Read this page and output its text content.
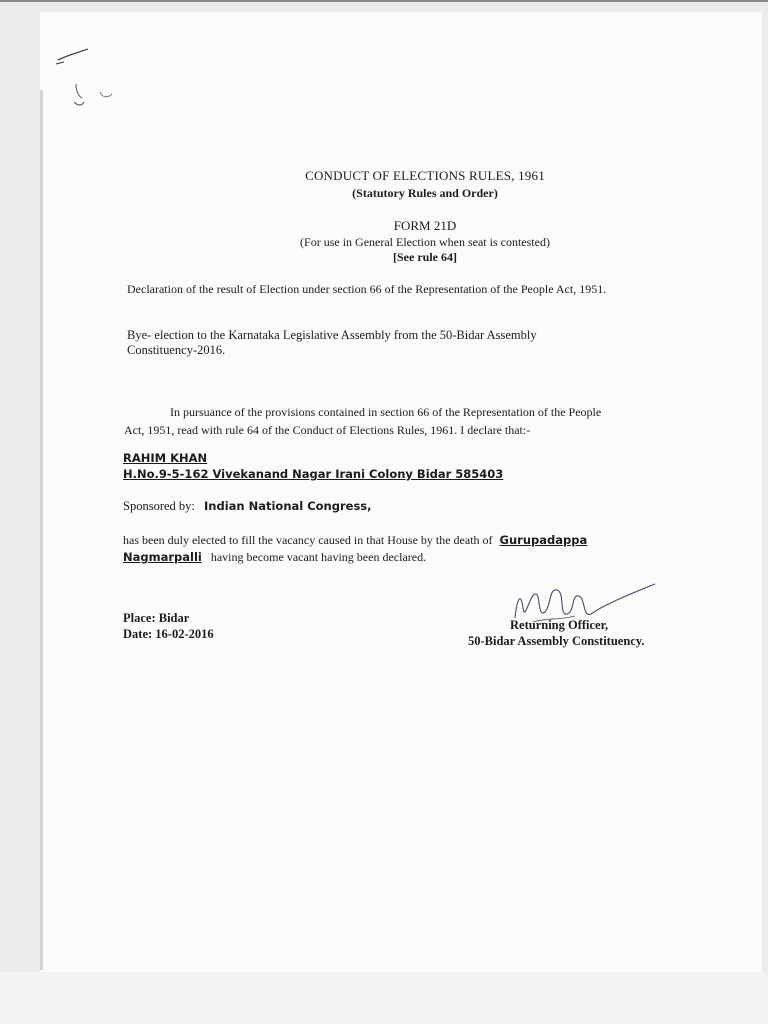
CONDUCT OF ELECTIONS RULES, 1961
(Statutory Rules and Order)
FORM 21D
(For use in General Election when seat is contested)
[See rule 64]
Declaration of the result of Election under section 66 of the Representation of the People Act, 1951.
Bye- election to the Karnataka Legislative Assembly from the 50-Bidar Assembly
Constituency-2016.
In pursuance of the provisions contained in section 66 of the Representation of the People
Act, 1951, read with rule 64 of the Conduct of Elections Rules, 1961. I declare that:-
RAHIM KHAN
H.No.9-5-162 Vivekanand Nagar Irani Colony Bidar 585403
Sponsored by: Indian National Congress,
has been duly elected to fill the vacancy caused in that House by the death of Gurupadappa
Nagmarpalli having become vacant having been declared.
Place: Bidar
Date: 16-02-2016
Returning Officer,
50-Bidar Assembly Constituency.
